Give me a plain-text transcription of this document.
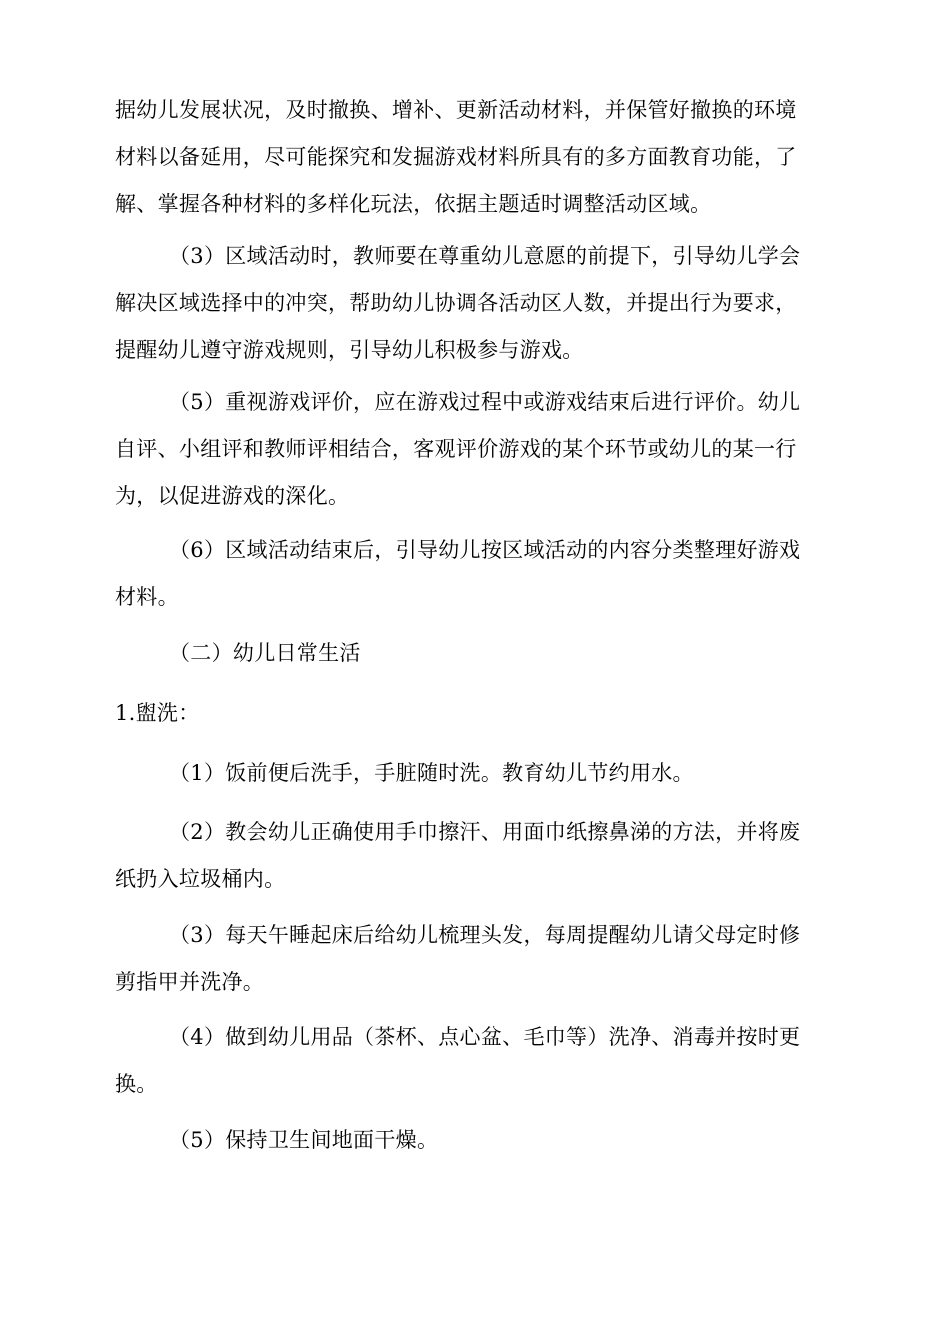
据幼儿发展状况，及时撤换、增补、更新活动材料，并保管好撤换的环境
材料以备延用，尽可能探究和发掘游戏材料所具有的多方面教育功能，了
解、掌握各种材料的多样化玩法，依据主题适时调整活动区域。

（3）区域活动时，教师要在尊重幼儿意愿的前提下，引导幼儿学会
解决区域选择中的冲突，帮助幼儿协调各活动区人数，并提出行为要求，
提醒幼儿遵守游戏规则，引导幼儿积极参与游戏。

（5）重视游戏评价，应在游戏过程中或游戏结束后进行评价。幼儿
自评、小组评和教师评相结合，客观评价游戏的某个环节或幼儿的某一行
为，以促进游戏的深化。

（6）区域活动结束后，引导幼儿按区域活动的内容分类整理好游戏
材料。

（二）幼儿日常生活

1.盥洗：

（1）饭前便后洗手，手脏随时洗。教育幼儿节约用水。

（2）教会幼儿正确使用手巾擦汗、用面巾纸擦鼻涕的方法，并将废
纸扔入垃圾桶内。

（3）每天午睡起床后给幼儿梳理头发，每周提醒幼儿请父母定时修
剪指甲并洗净。

（4）做到幼儿用品（茶杯、点心盆、毛巾等）洗净、消毒并按时更
换。

（5）保持卫生间地面干燥。
